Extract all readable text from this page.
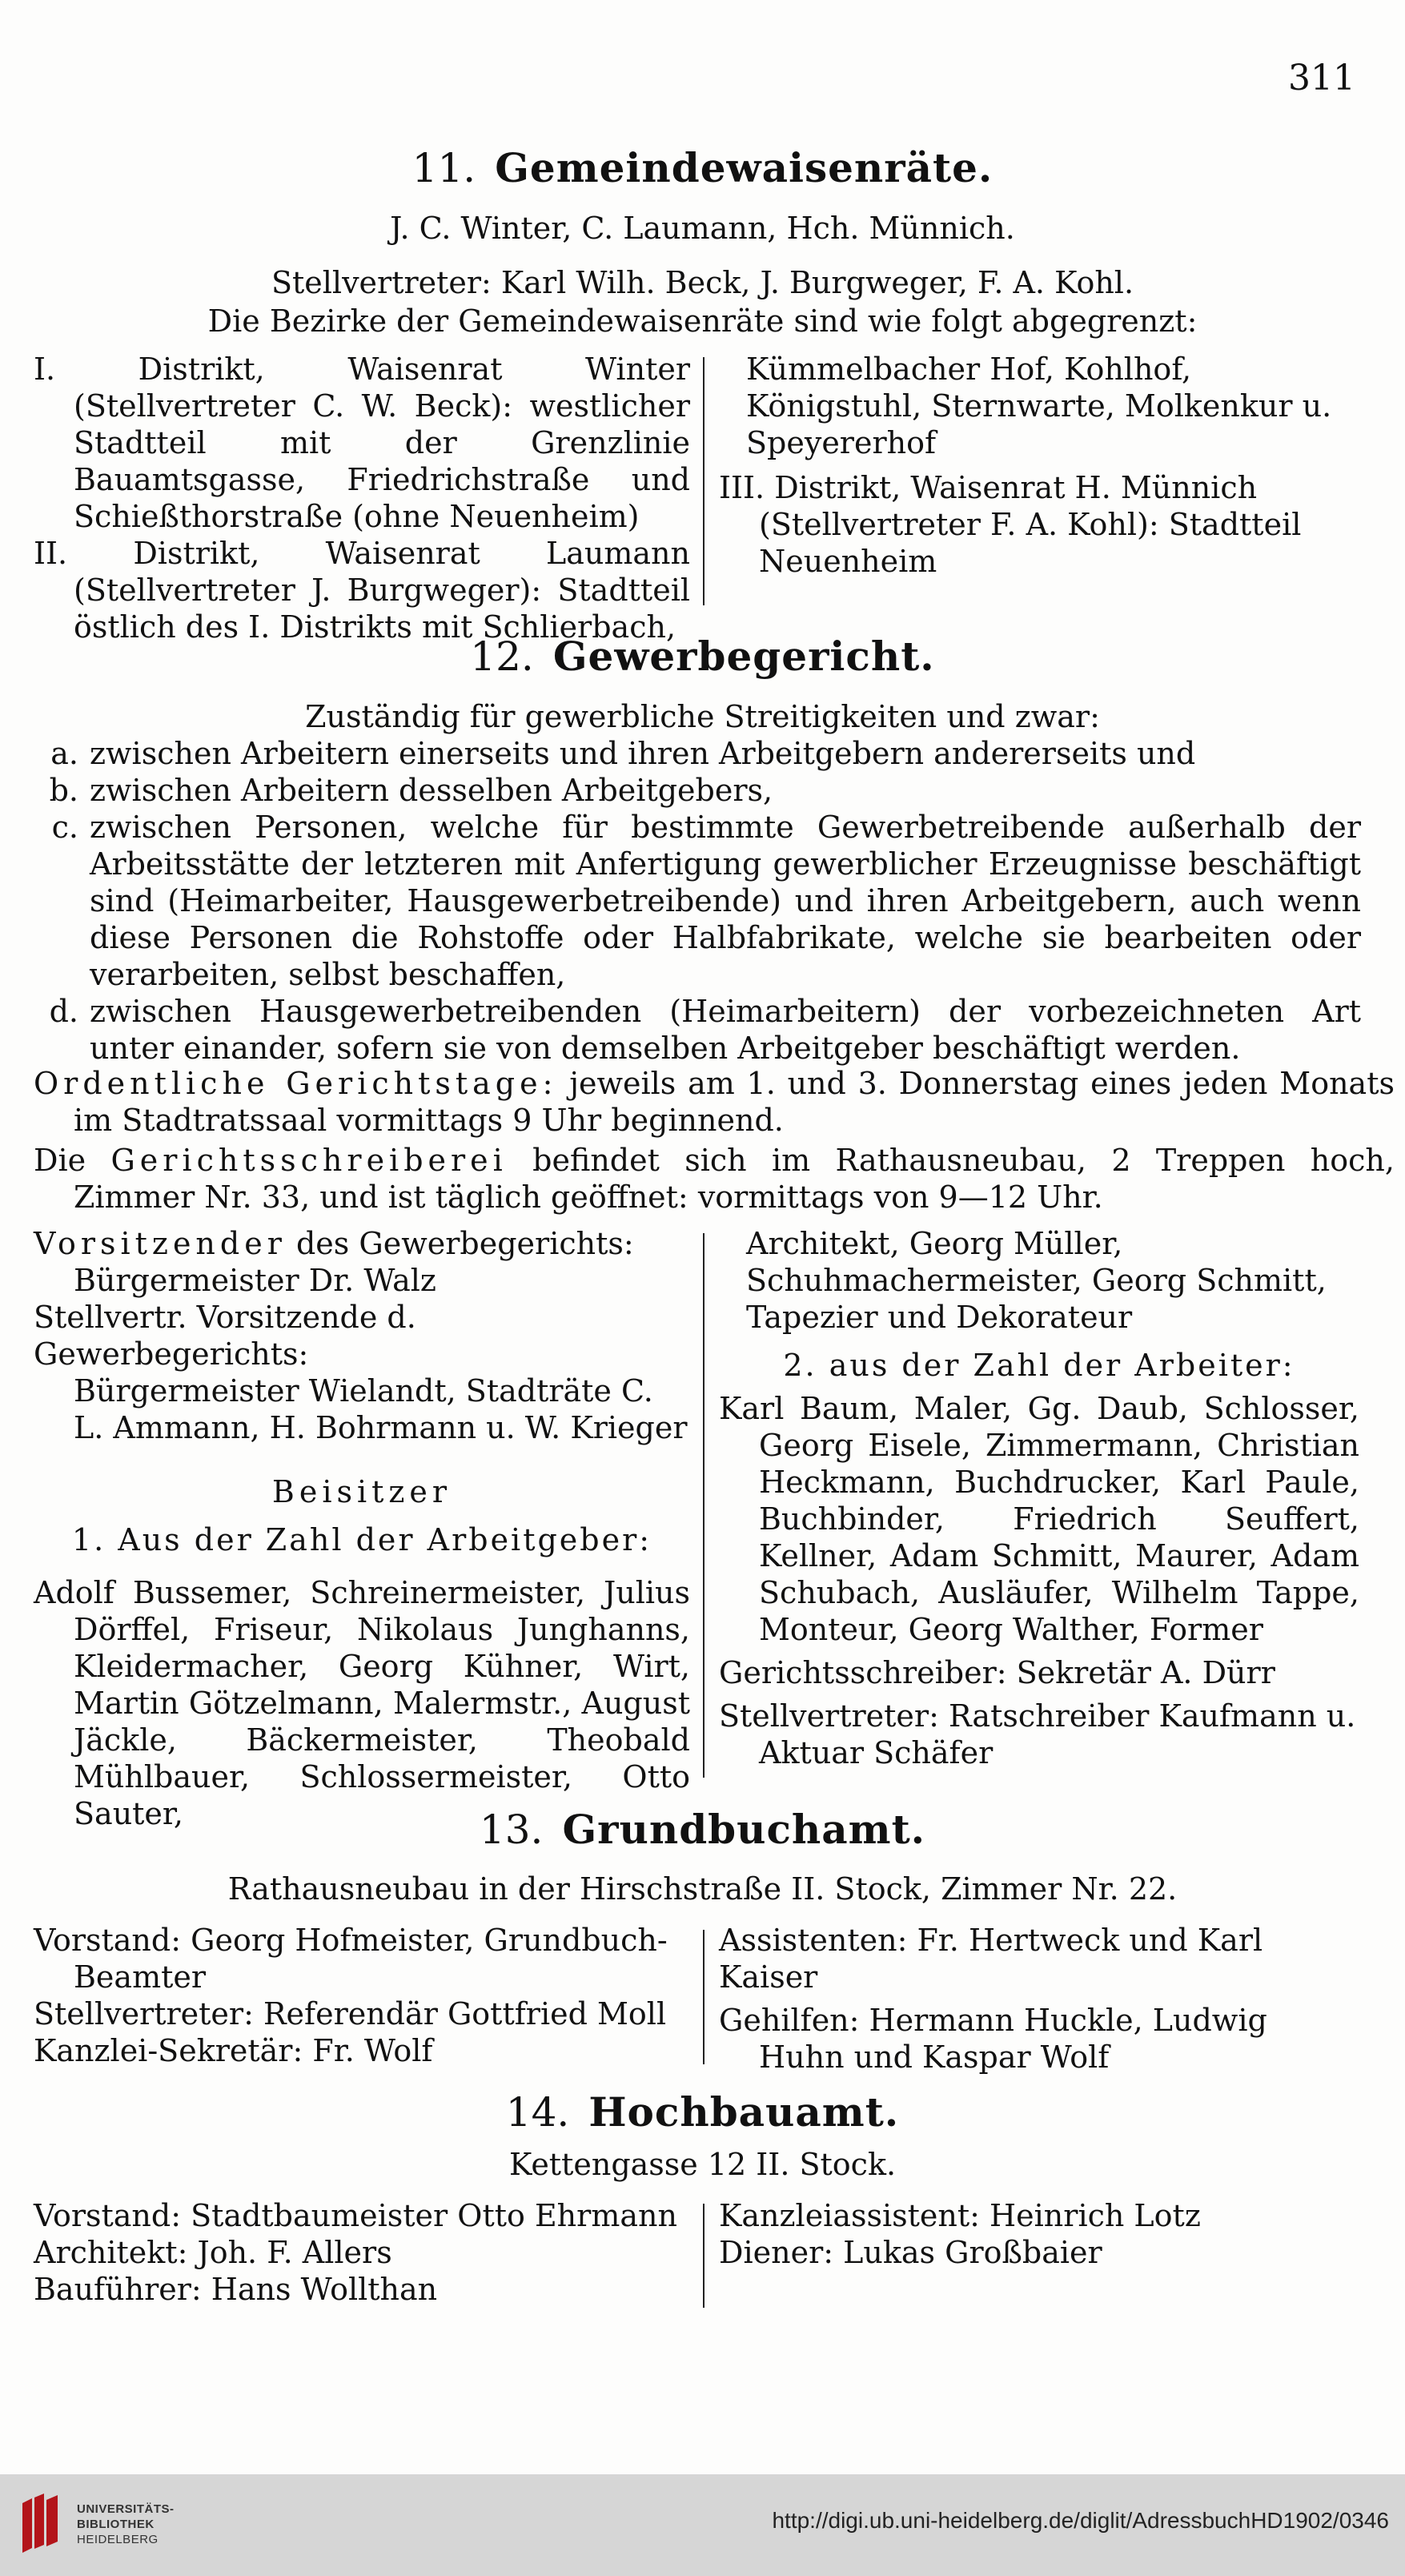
311
11. Gemeindewaisenräte.
J. C. Winter, C. Laumann, Hch. Münnich.
Stellvertreter: Karl Wilh. Beck, J. Burgweger, F. A. Kohl.
Die Bezirke der Gemeindewaisenräte sind wie folgt abgegrenzt:

I. Distrikt, Waisenrat Winter (Stellvertreter C. W. Beck): westlicher Stadtteil mit der Grenzlinie Bauamtsgasse, Friedrichstraße und Schießthorstraße (ohne Neuenheim)

II. Distrikt, Waisenrat Laumann (Stellvertreter J. Burgweger): Stadtteil östlich des I. Distrikts mit Schlierbach,

Kümmelbacher Hof, Kohlhof, Königstuhl, Sternwarte, Molkenkur u. Speyererhof

III. Distrikt, Waisenrat H. Münnich (Stellvertreter F. A. Kohl): Stadtteil Neuenheim

12. Gewerbegericht.
Zuständig für gewerbliche Streitigkeiten und zwar:
a. zwischen Arbeitern einerseits und ihren Arbeitgebern andererseits und
b. zwischen Arbeitern desselben Arbeitgebers,
c. zwischen Personen, welche für bestimmte Gewerbetreibende außerhalb der Arbeitsstätte der letzteren mit Anfertigung gewerblicher Erzeugnisse beschäftigt sind (Heimarbeiter, Hausgewerbetreibende) und ihren Arbeitgebern, auch wenn diese Personen die Rohstoffe oder Halbfabrikate, welche sie bearbeiten oder verarbeiten, selbst beschaffen,
d. zwischen Hausgewerbetreibenden (Heimarbeitern) der vorbezeichneten Art unter einander, sofern sie von demselben Arbeitgeber beschäftigt werden.
Ordentliche Gerichtstage: jeweils am 1. und 3. Donnerstag eines jeden Monats im Stadtratssaal vormittags 9 Uhr beginnend.
Die Gerichtsschreiberei befindet sich im Rathausneubau, 2 Treppen hoch, Zimmer Nr. 33, und ist täglich geöffnet: vormittags von 9—12 Uhr.

Vorsitzender des Gewerbegerichts:

Bürgermeister Dr. Walz

Stellvertr. Vorsitzende d. Gewerbegerichts:

Bürgermeister Wielandt, Stadträte C. L. Ammann, H. Bohrmann u. W. Krieger

Beisitzer

1. Aus der Zahl der Arbeitgeber:

Adolf Bussemer, Schreinermeister, Julius Dörffel, Friseur, Nikolaus Junghanns, Kleidermacher, Georg Kühner, Wirt, Martin Götzelmann, Malermstr., August Jäckle, Bäckermeister, Theobald Mühlbauer, Schlossermeister, Otto Sauter,

Architekt, Georg Müller, Schuhmachermeister, Georg Schmitt, Tapezier und Dekorateur

2. aus der Zahl der Arbeiter:

Karl Baum, Maler, Gg. Daub, Schlosser, Georg Eisele, Zimmermann, Christian Heckmann, Buchdrucker, Karl Paule, Buchbinder, Friedrich Seuffert, Kellner, Adam Schmitt, Maurer, Adam Schubach, Ausläufer, Wilhelm Tappe, Monteur, Georg Walther, Former

Gerichtsschreiber: Sekretär A. Dürr

Stellvertreter: Ratschreiber Kaufmann u. Aktuar Schäfer

13. Grundbuchamt.
Rathausneubau in der Hirschstraße II. Stock, Zimmer Nr. 22.

Vorstand: Georg Hofmeister, Grundbuch-Beamter

Stellvertreter: Referendär Gottfried Moll

Kanzlei-Sekretär: Fr. Wolf

Assistenten: Fr. Hertweck und Karl Kaiser

Gehilfen: Hermann Huckle, Ludwig Huhn und Kaspar Wolf

14. Hochbauamt.
Kettengasse 12 II. Stock.

Vorstand: Stadtbaumeister Otto Ehrmann

Architekt: Joh. F. Allers

Bauführer: Hans Wollthan

Kanzleiassistent: Heinrich Lotz

Diener: Lukas Großbaier

UNIVERSITÄTS-
BIBLIOTHEK
HEIDELBERG
http://digi.ub.uni-heidelberg.de/diglit/AdressbuchHD1902/0346
